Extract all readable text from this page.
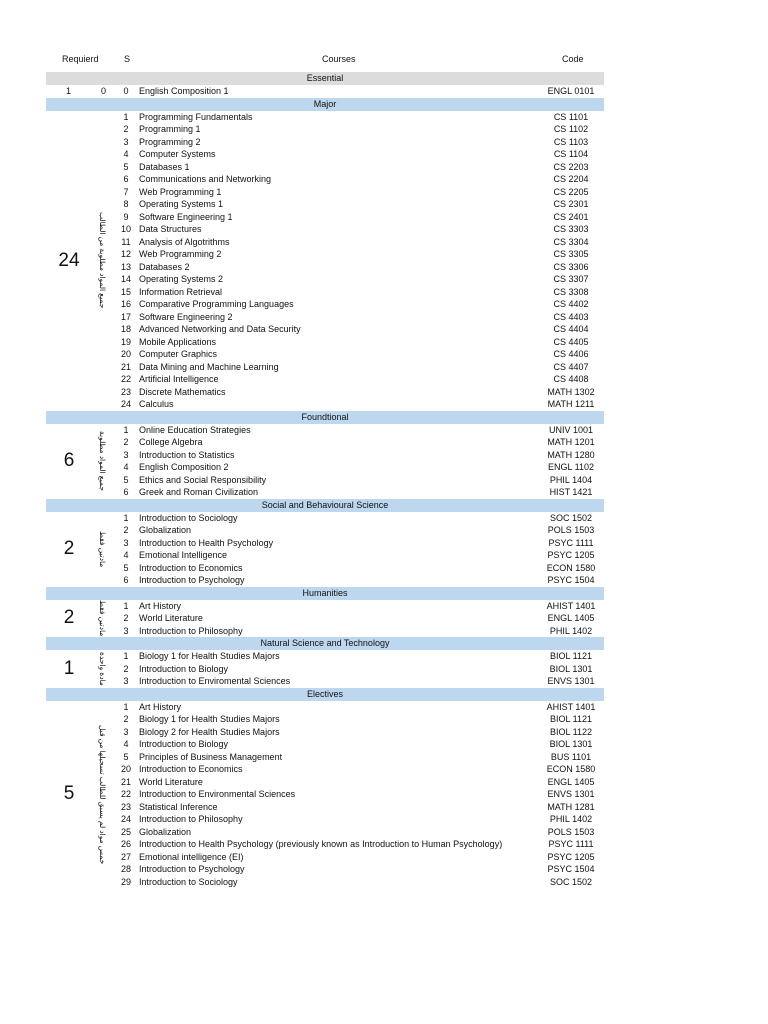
Requierd	S	Courses	Code
Essential
1	0	0	English Composition 1	ENGL 0101
Major
24	جميع المواد مطلوبة من الطالب
1	Programming Fundamentals	CS 1101
2	Programming 1	CS 1102
3	Programming 2	CS 1103
4	Computer Systems	CS 1104
5	Databases 1	CS 2203
6	Communications and Networking	CS 2204
7	Web Programming 1	CS 2205
8	Operating Systems 1	CS 2301
9	Software Engineering 1	CS 2401
10 Data Structures	CS 3303
11 Analysis of Algotrithms	CS 3304
12 Web Programming 2	CS 3305
13 Databases 2	CS 3306
14 Operating Systems 2	CS 3307
15 Information Retrieval	CS 3308
16 Comparative Programming Languages	CS 4402
17 Software Engineering 2	CS 4403
18 Advanced Networking and Data Security	CS 4404
19 Mobile Applications	CS 4405
20 Computer Graphics	CS 4406
21 Data Mining and Machine Learning	CS 4407
22 Artificial Intelligence	CS 4408
23 Discrete Mathematics	MATH 1302
24 Calculus	MATH 1211
Foundtional
6	جميع المواد مطلوبة
1	Online Education Strategies	UNIV 1001
2	College Algebra	MATH 1201
3	Introduction to Statistics	MATH 1280
4	English Composition 2	ENGL 1102
5	Ethics and Social Responsibility	PHIL 1404
6	Greek and Roman Civilization	HIST 1421
Social and Behavioural Science
2	مادتين فقط
1	Introduction to Sociology	SOC 1502
2	Globalization	POLS 1503
3	Introduction to Health Psychology	PSYC 1111
4	Emotional Intelligence	PSYC 1205
5	Introduction to Economics	ECON 1580
6	Introduction to Psychology	PSYC 1504
Humanities
2	مادتين فقط	1	Art History	AHIST 1401
2	World Literature	ENGL 1405
3	Introduction to Philosophy	PHIL 1402
Natural Science and Technology
1	مادة واحدة	1	Biology 1 for Health Studies Majors	BIOL 1121
2	Introduction to Biology	BIOL 1301
3	Introduction to Enviromental Sciences	ENVS 1301
Electives
5	خمس مواد لم يسبق للطالب تسجيلها من قبل
1	Art History	AHIST 1401
2	Biology 1 for Health Studies Majors	BIOL 1121
3	Biology 2 for Health Studies Majors	BIOL 1122
4	Introduction to Biology	BIOL 1301
5	Principles of Business Management	BUS 1101
20 Introduction to Economics	ECON 1580
21 World Literature	ENGL 1405
22 Introduction to Environmental Sciences	ENVS 1301
23 Statistical Inference	MATH 1281
24 Introduction to Philosophy	PHIL 1402
25 Globalization	POLS 1503
26 Introduction to Health Psychology (previously known as Introduction to Human Psychology)	PSYC 1111
27 Emotional intelligence (EI)	PSYC 1205
28 Introduction to Psychology	PSYC 1504
29 Introduction to Sociology	SOC 1502
